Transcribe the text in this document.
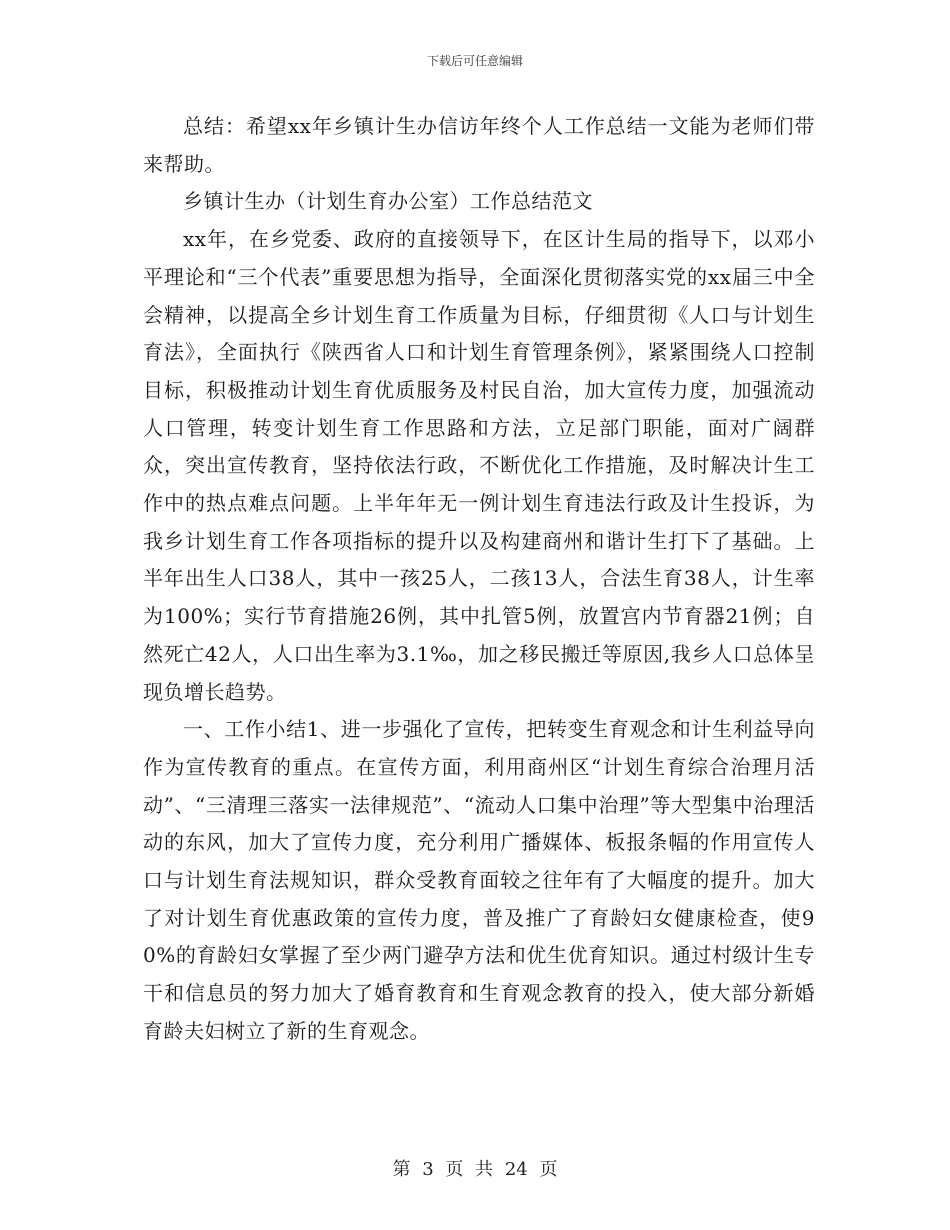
下载后可任意编辑

总结：希望xx年乡镇计生办信访年终个人工作总结一文能为老师们带来帮助。

乡镇计生办（计划生育办公室）工作总结范文

xx年，在乡党委、政府的直接领导下，在区计生局的指导下，以邓小平理论和“三个代表”重要思想为指导，全面深化贯彻落实党的xx届三中全会精神，以提高全乡计划生育工作质量为目标，仔细贯彻《人口与计划生育法》，全面执行《陕西省人口和计划生育管理条例》，紧紧围绕人口控制目标，积极推动计划生育优质服务及村民自治，加大宣传力度，加强流动人口管理，转变计划生育工作思路和方法，立足部门职能，面对广阔群众，突出宣传教育，坚持依法行政，不断优化工作措施，及时解决计生工作中的热点难点问题。上半年年无一例计划生育违法行政及计生投诉，为我乡计划生育工作各项指标的提升以及构建商州和谐计生打下了基础。上半年出生人口38人，其中一孩25人，二孩13人，合法生育38人，计生率为100%；实行节育措施26例，其中扎管5例，放置宫内节育器21例；自然死亡42人，人口出生率为3.1‰，加之移民搬迁等原因,我乡人口总体呈现负增长趋势。

一、工作小结1、进一步强化了宣传，把转变生育观念和计生利益导向作为宣传教育的重点。在宣传方面，利用商州区“计划生育综合治理月活动”、“三清理三落实一法律规范”、“流动人口集中治理”等大型集中治理活动的东风，加大了宣传力度，充分利用广播媒体、板报条幅的作用宣传人口与计划生育法规知识，群众受教育面较之往年有了大幅度的提升。加大了对计划生育优惠政策的宣传力度，普及推广了育龄妇女健康检查，使90%的育龄妇女掌握了至少两门避孕方法和优生优育知识。通过村级计生专干和信息员的努力加大了婚育教育和生育观念教育的投入，使大部分新婚育龄夫妇树立了新的生育观念。

第 3 页 共 24 页
